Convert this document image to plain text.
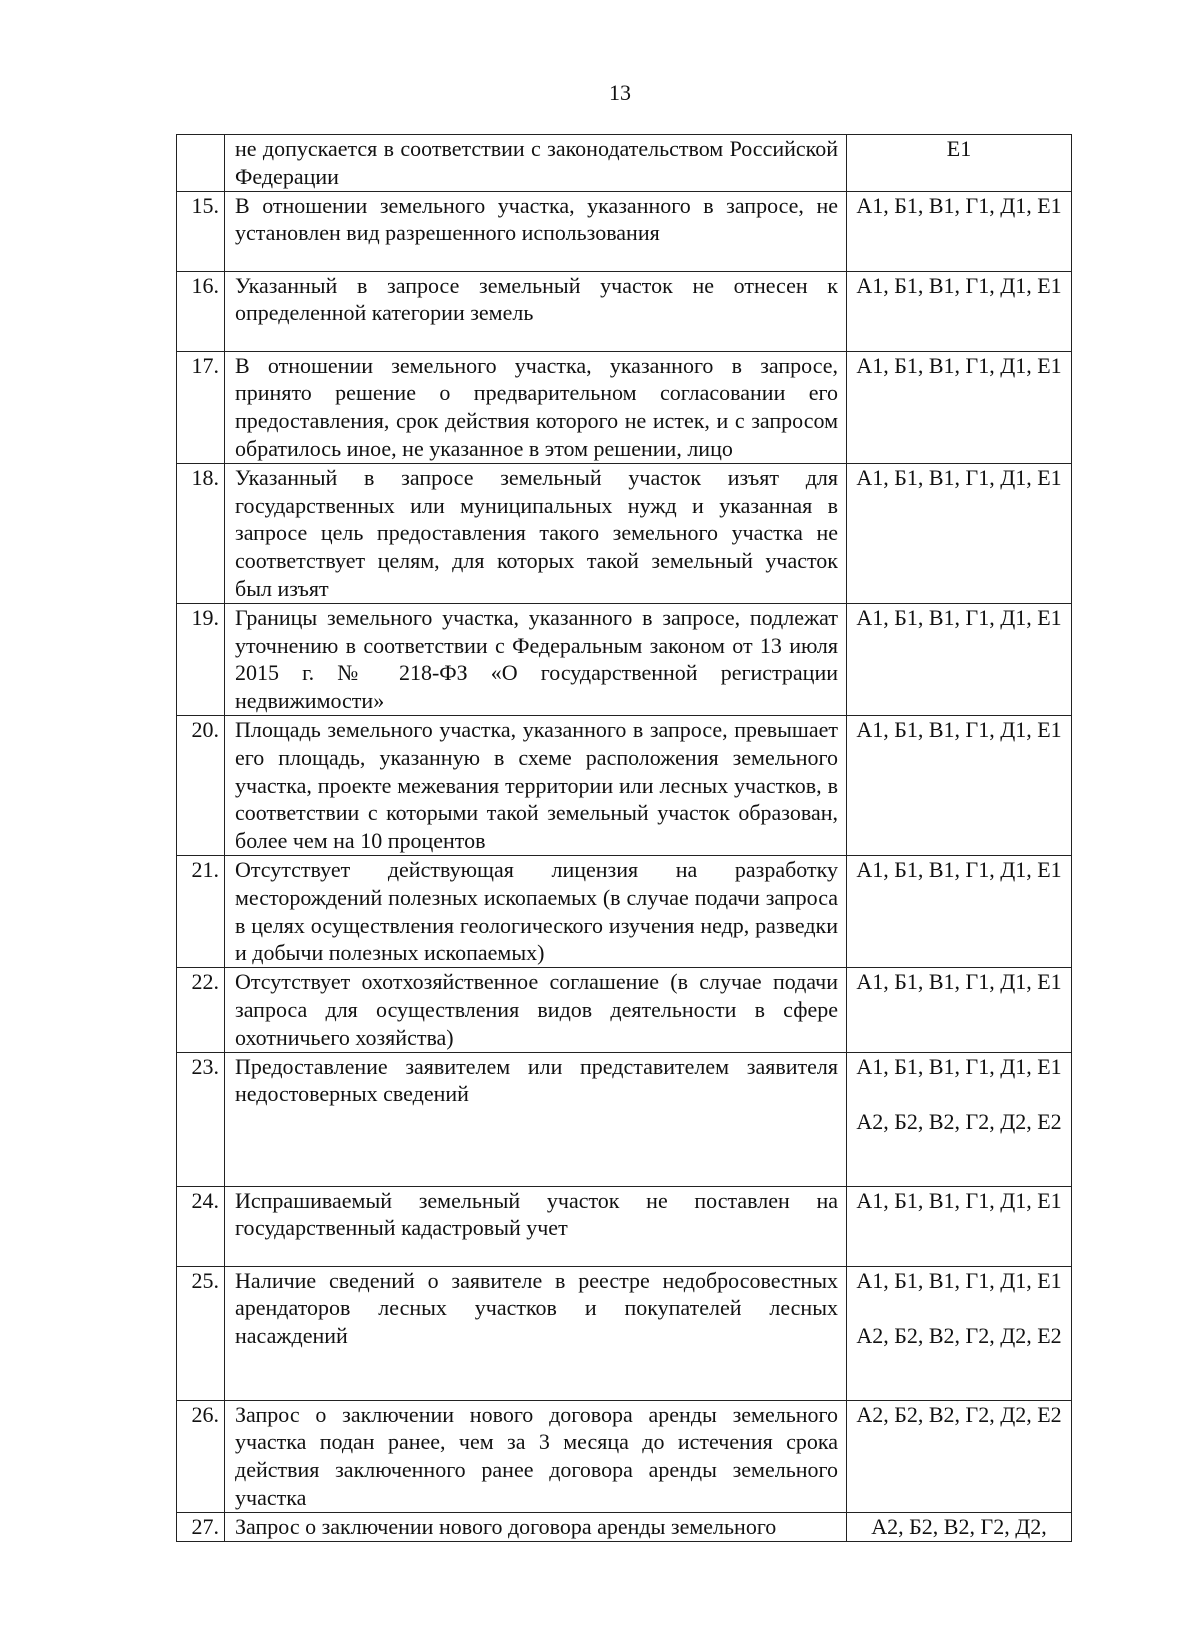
13
	не допускается в соответствии с законодательством Российской Федерации	Е1

15.	В отношении земельного участка, указанного в запросе, не установлен вид разрешенного использования	А1, Б1, В1, Г1, Д1, Е1

16.	Указанный в запросе земельный участок не отнесен к определенной категории земель	А1, Б1, В1, Г1, Д1, Е1

17.	В отношении земельного участка, указанного в запросе, принято решение о предварительном согласовании его предоставления, срок действия которого не истек, и с запросом обратилось иное, не указанное в этом решении, лицо	А1, Б1, В1, Г1, Д1, Е1

18.	Указанный в запросе земельный участок изъят для государственных или муниципальных нужд и указанная в запросе цель предоставления такого земельного участка не соответствует целям, для которых такой земельный участок был изъят	А1, Б1, В1, Г1, Д1, Е1

19.	Границы земельного участка, указанного в запросе, подлежат уточнению в соответствии с Федеральным законом от 13 июля 2015 г. № 218-ФЗ «О государственной регистрации недвижимости»	А1, Б1, В1, Г1, Д1, Е1

20.	Площадь земельного участка, указанного в запросе, превышает его площадь, указанную в схеме расположения земельного участка, проекте межевания территории или лесных участков, в соответствии с которыми такой земельный участок образован, более чем на 10 процентов	А1, Б1, В1, Г1, Д1, Е1

21.	Отсутствует действующая лицензия на разработку месторождений полезных ископаемых (в случае подачи запроса в целях осуществления геологического изучения недр, разведки и добычи полезных ископаемых)	А1, Б1, В1, Г1, Д1, Е1

22.	Отсутствует охотхозяйственное соглашение (в случае подачи запроса для осуществления видов деятельности в сфере охотничьего хозяйства)	А1, Б1, В1, Г1, Д1, Е1

23.	Предоставление заявителем или представителем заявителя недостоверных сведений	А1, Б1, В1, Г1, Д1, Е1
А2, Б2, В2, Г2, Д2, Е2

24.	Испрашиваемый земельный участок не поставлен на государственный кадастровый учет	А1, Б1, В1, Г1, Д1, Е1

25.	Наличие сведений о заявителе в реестре недобросовестных арендаторов лесных участков и покупателей лесных насаждений	А1, Б1, В1, Г1, Д1, Е1
А2, Б2, В2, Г2, Д2, Е2

26.	Запрос о заключении нового договора аренды земельного участка подан ранее, чем за 3 месяца до истечения срока действия заключенного ранее договора аренды земельного участка	А2, Б2, В2, Г2, Д2, Е2

27.	Запрос о заключении нового договора аренды земельного	А2, Б2, В2, Г2, Д2,
